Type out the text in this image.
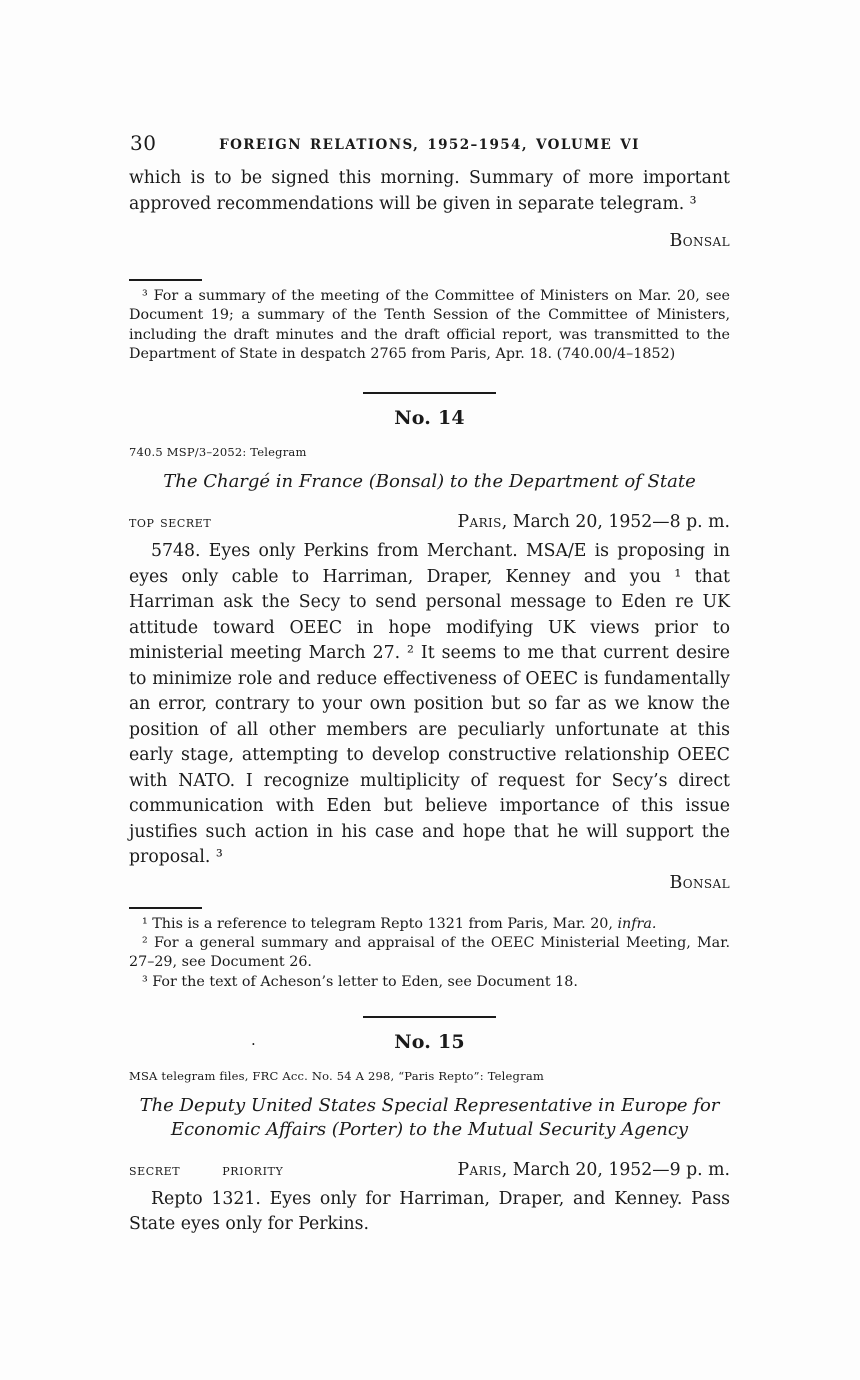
30	FOREIGN RELATIONS, 1952–1954, VOLUME VI

which is to be signed this morning. Summary of more important approved recommendations will be given in separate telegram. ³

Bonsal

³ For a summary of the meeting of the Committee of Ministers on Mar. 20, see Document 19; a summary of the Tenth Session of the Committee of Ministers, including the draft minutes and the draft official report, was transmitted to the Department of State in despatch 2765 from Paris, Apr. 18. (740.00/4–1852)

No. 14
740.5 MSP/3–2052: Telegram
The Chargé in France (Bonsal) to the Department of State
top secret	Paris, March 20, 1952—8 p. m.

5748. Eyes only Perkins from Merchant. MSA/E is proposing in eyes only cable to Harriman, Draper, Kenney and you ¹ that Harriman ask the Secy to send personal message to Eden re UK attitude toward OEEC in hope modifying UK views prior to ministerial meeting March 27. ² It seems to me that current desire to minimize role and reduce effectiveness of OEEC is fundamentally an error, contrary to your own position but so far as we know the position of all other members are peculiarly unfortunate at this early stage, attempting to develop constructive relationship OEEC with NATO. I recognize multiplicity of request for Secy’s direct communication with Eden but believe importance of this issue justifies such action in his case and hope that he will support the proposal. ³

Bonsal

¹ This is a reference to telegram Repto 1321 from Paris, Mar. 20, infra.

² For a general summary and appraisal of the OEEC Ministerial Meeting, Mar. 27–29, see Document 26.

³ For the text of Acheson’s letter to Eden, see Document 18.

.	No. 15
MSA telegram files, FRC Acc. No. 54 A 298, “Paris Repto”: Telegram
The Deputy United States Special Representative in Europe for
Economic Affairs (Porter) to the Mutual Security Agency
secret	priority	Paris, March 20, 1952—9 p. m.

Repto 1321. Eyes only for Harriman, Draper, and Kenney. Pass State eyes only for Perkins.
